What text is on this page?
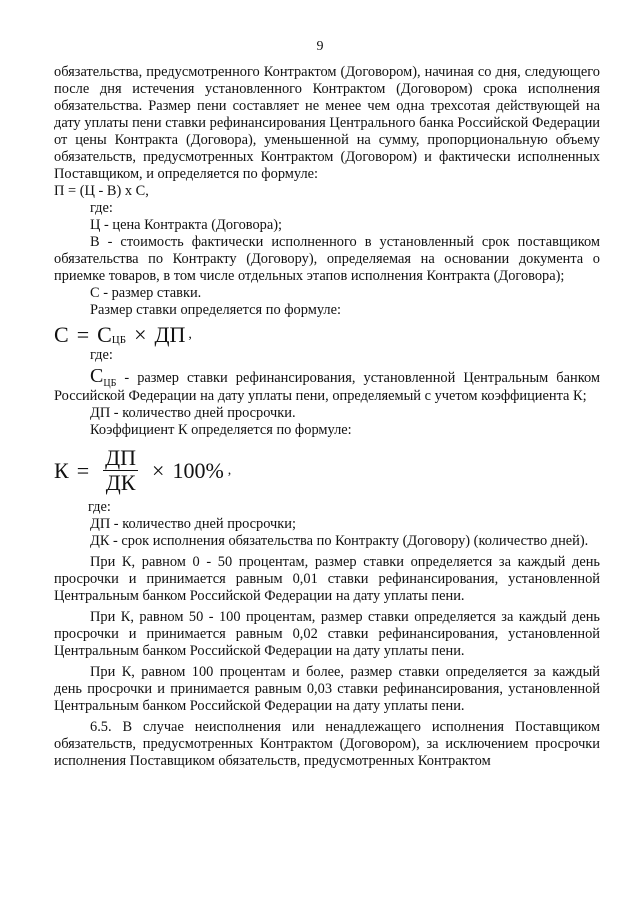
9

обязательства, предусмотренного Контрактом (Договором), начиная со дня, следующего после дня истечения установленного Контрактом (Договором) срока исполнения обязательства. Размер пени составляет не менее чем одна трехсотая действующей на дату уплаты пени ставки рефинансирования Центрального банка Российской Федерации от цены Контракта (Договора), уменьшенной на сумму, пропорциональную объему обязательств, предусмотренных Контрактом (Договором) и фактически исполненных Поставщиком, и определяется по формуле:

П = (Ц - В) х С,

где:

Ц - цена Контракта (Договора);

В - стоимость фактически исполненного в установленный срок поставщиком обязательства по Контракту (Договору), определяемая на основании документа о приемке товаров, в том числе отдельных этапов исполнения Контракта (Договора);

С - размер ставки.

Размер ставки определяется по формуле:

С = С ЦБ × ДП ,

где:

$С_{ЦБ}$ - размер ставки рефинансирования, установленной Центральным банком Российской Федерации на дату уплаты пени, определяемый с учетом коэффициента К;

ДП - количество дней просрочки.

Коэффициент К определяется по формуле:

$К = \frac{ДП}{ДК} \times 100\%$ ,

где:

ДП - количество дней просрочки;

ДК - срок исполнения обязательства по Контракту (Договору) (количество дней).

При К, равном 0 - 50 процентам, размер ставки определяется за каждый день просрочки и принимается равным 0,01 ставки рефинансирования, установленной Центральным банком Российской Федерации на дату уплаты пени.

При К, равном 50 - 100 процентам, размер ставки определяется за каждый день просрочки и принимается равным 0,02 ставки рефинансирования, установленной Центральным банком Российской Федерации на дату уплаты пени.

При К, равном 100 процентам и более, размер ставки определяется за каждый день просрочки и принимается равным 0,03 ставки рефинансирования, установленной Центральным банком Российской Федерации на дату уплаты пени.

6.5. В случае неисполнения или ненадлежащего исполнения Поставщиком обязательств, предусмотренных Контрактом (Договором), за исключением просрочки исполнения Поставщиком обязательств, предусмотренных Контрактом
